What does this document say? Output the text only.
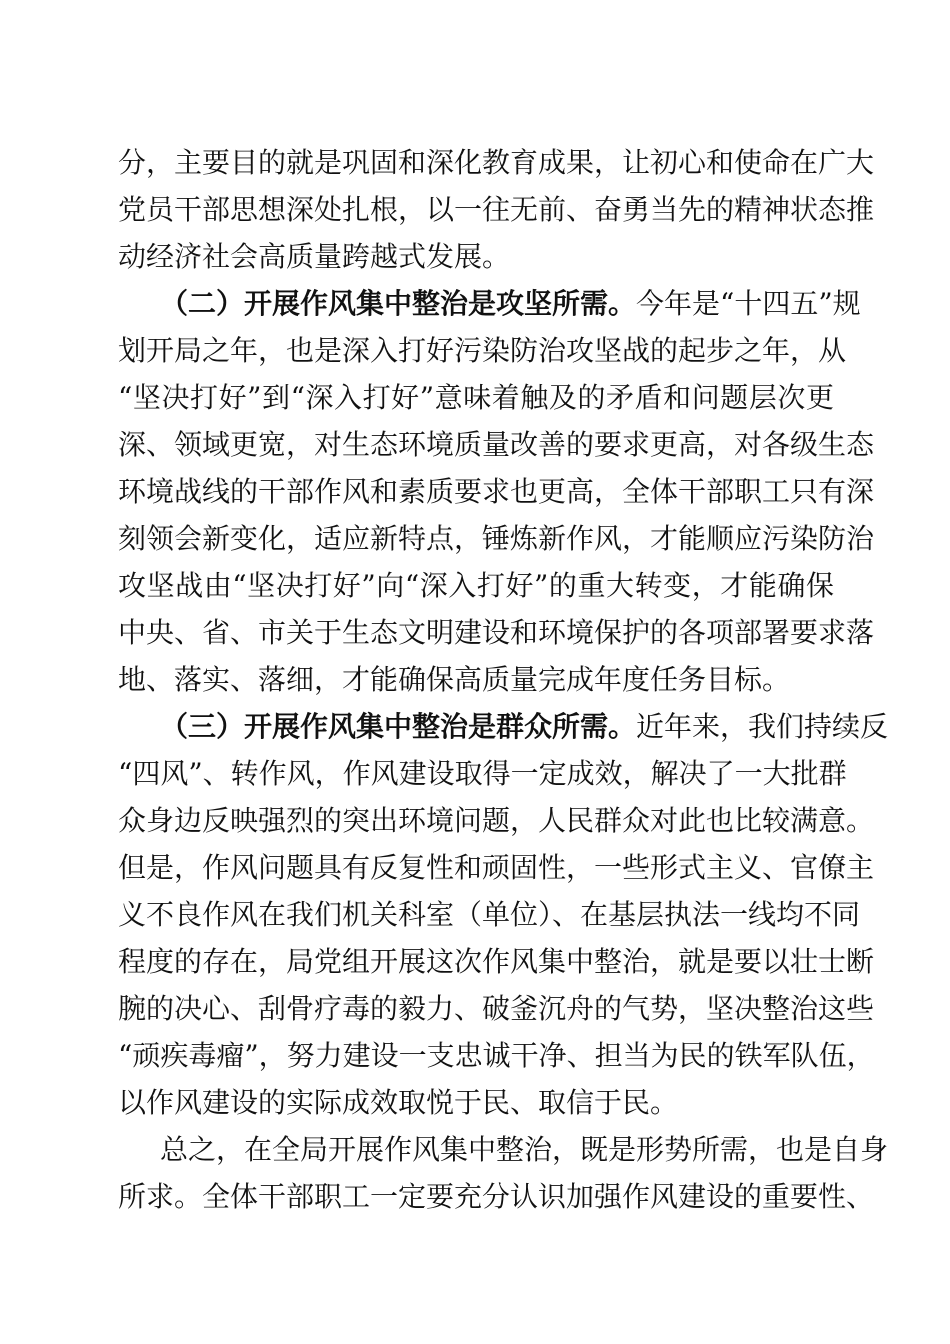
分，主要目的就是巩固和深化教育成果，让初心和使命在广大
党员干部思想深处扎根，以一往无前、奋勇当先的精神状态推
动经济社会高质量跨越式发展。
（二）开展作风集中整治是攻坚所需。今年是“十四五”规
划开局之年，也是深入打好污染防治攻坚战的起步之年，从
“坚决打好”到“深入打好”意味着触及的矛盾和问题层次更
深、领域更宽，对生态环境质量改善的要求更高，对各级生态
环境战线的干部作风和素质要求也更高，全体干部职工只有深
刻领会新变化，适应新特点，锤炼新作风，才能顺应污染防治
攻坚战由“坚决打好”向“深入打好”的重大转变，才能确保
中央、省、市关于生态文明建设和环境保护的各项部署要求落
地、落实、落细，才能确保高质量完成年度任务目标。
（三）开展作风集中整治是群众所需。近年来，我们持续反
“四风”、转作风，作风建设取得一定成效，解决了一大批群
众身边反映强烈的突出环境问题，人民群众对此也比较满意。
但是，作风问题具有反复性和顽固性，一些形式主义、官僚主
义不良作风在我们机关科室（单位）、在基层执法一线均不同
程度的存在，局党组开展这次作风集中整治，就是要以壮士断
腕的决心、刮骨疗毒的毅力、破釜沉舟的气势，坚决整治这些
“顽疾毒瘤”，努力建设一支忠诚干净、担当为民的铁军队伍，
以作风建设的实际成效取悦于民、取信于民。
总之，在全局开展作风集中整治，既是形势所需，也是自身
所求。全体干部职工一定要充分认识加强作风建设的重要性、
